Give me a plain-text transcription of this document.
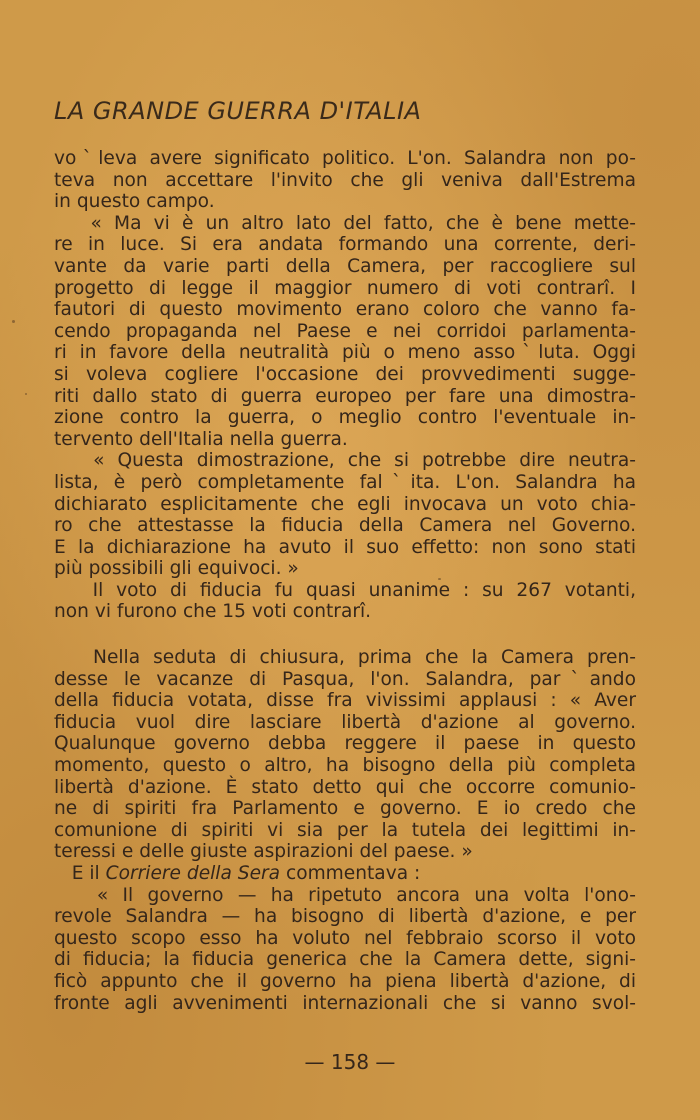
LA GRANDE GUERRA D'ITALIA
voˋleva avere significato politico. L'on. Salandra non po-
teva non accettare l'invito che gli veniva dall'Estrema
in questo campo.
« Ma vi è un altro lato del fatto, che è bene mette-
re in luce. Si era andata formando una corrente, deri-
vante da varie parti della Camera, per raccogliere sul
progetto di legge il maggior numero di voti contrarî. I
fautori di questo movimento erano coloro che vanno fa-
cendo propaganda nel Paese e nei corridoi parlamenta-
ri in favore della neutralità più o meno assoˋluta. Oggi
si voleva cogliere l'occasione dei provvedimenti sugge-
riti dallo stato di guerra europeo per fare una dimostra-
zione contro la guerra, o meglio contro l'eventuale in-
tervento dell'Italia nella guerra.
« Questa dimostrazione, che si potrebbe dire neutra-
lista, è però completamente falˋita. L'on. Salandra ha
dichiarato esplicitamente che egli invocava un voto chia-
ro che attestasse la fiducia della Camera nel Governo.
E la dichiarazione ha avuto il suo effetto: non sono stati
più possibili gli equivoci. »
Il voto di fiducia fu quasi unanime : su 267 votanti,
non vi furono che 15 voti contrarî.
Nella seduta di chiusura, prima che la Camera pren-
desse le vacanze di Pasqua, l'on. Salandra, parˋando
della fiducia votata, disse fra vivissimi applausi : « Aver
fiducia vuol dire lasciare libertà d'azione al governo.
Qualunque governo debba reggere il paese in questo
momento, questo o altro, ha bisogno della più completa
libertà d'azione. È stato detto qui che occorre comunio-
ne di spiriti fra Parlamento e governo. E io credo che
comunione di spiriti vi sia per la tutela dei legittimi in-
teressi e delle giuste aspirazioni del paese. »
E il Corriere della Sera commentava :
« Il governo — ha ripetuto ancora una volta l'ono-
revole Salandra — ha bisogno di libertà d'azione, e per
questo scopo esso ha voluto nel febbraio scorso il voto
di fiducia; la fiducia generica che la Camera dette, signi-
ficò appunto che il governo ha piena libertà d'azione, di
fronte agli avvenimenti internazionali che si vanno svol-

— 158 —
